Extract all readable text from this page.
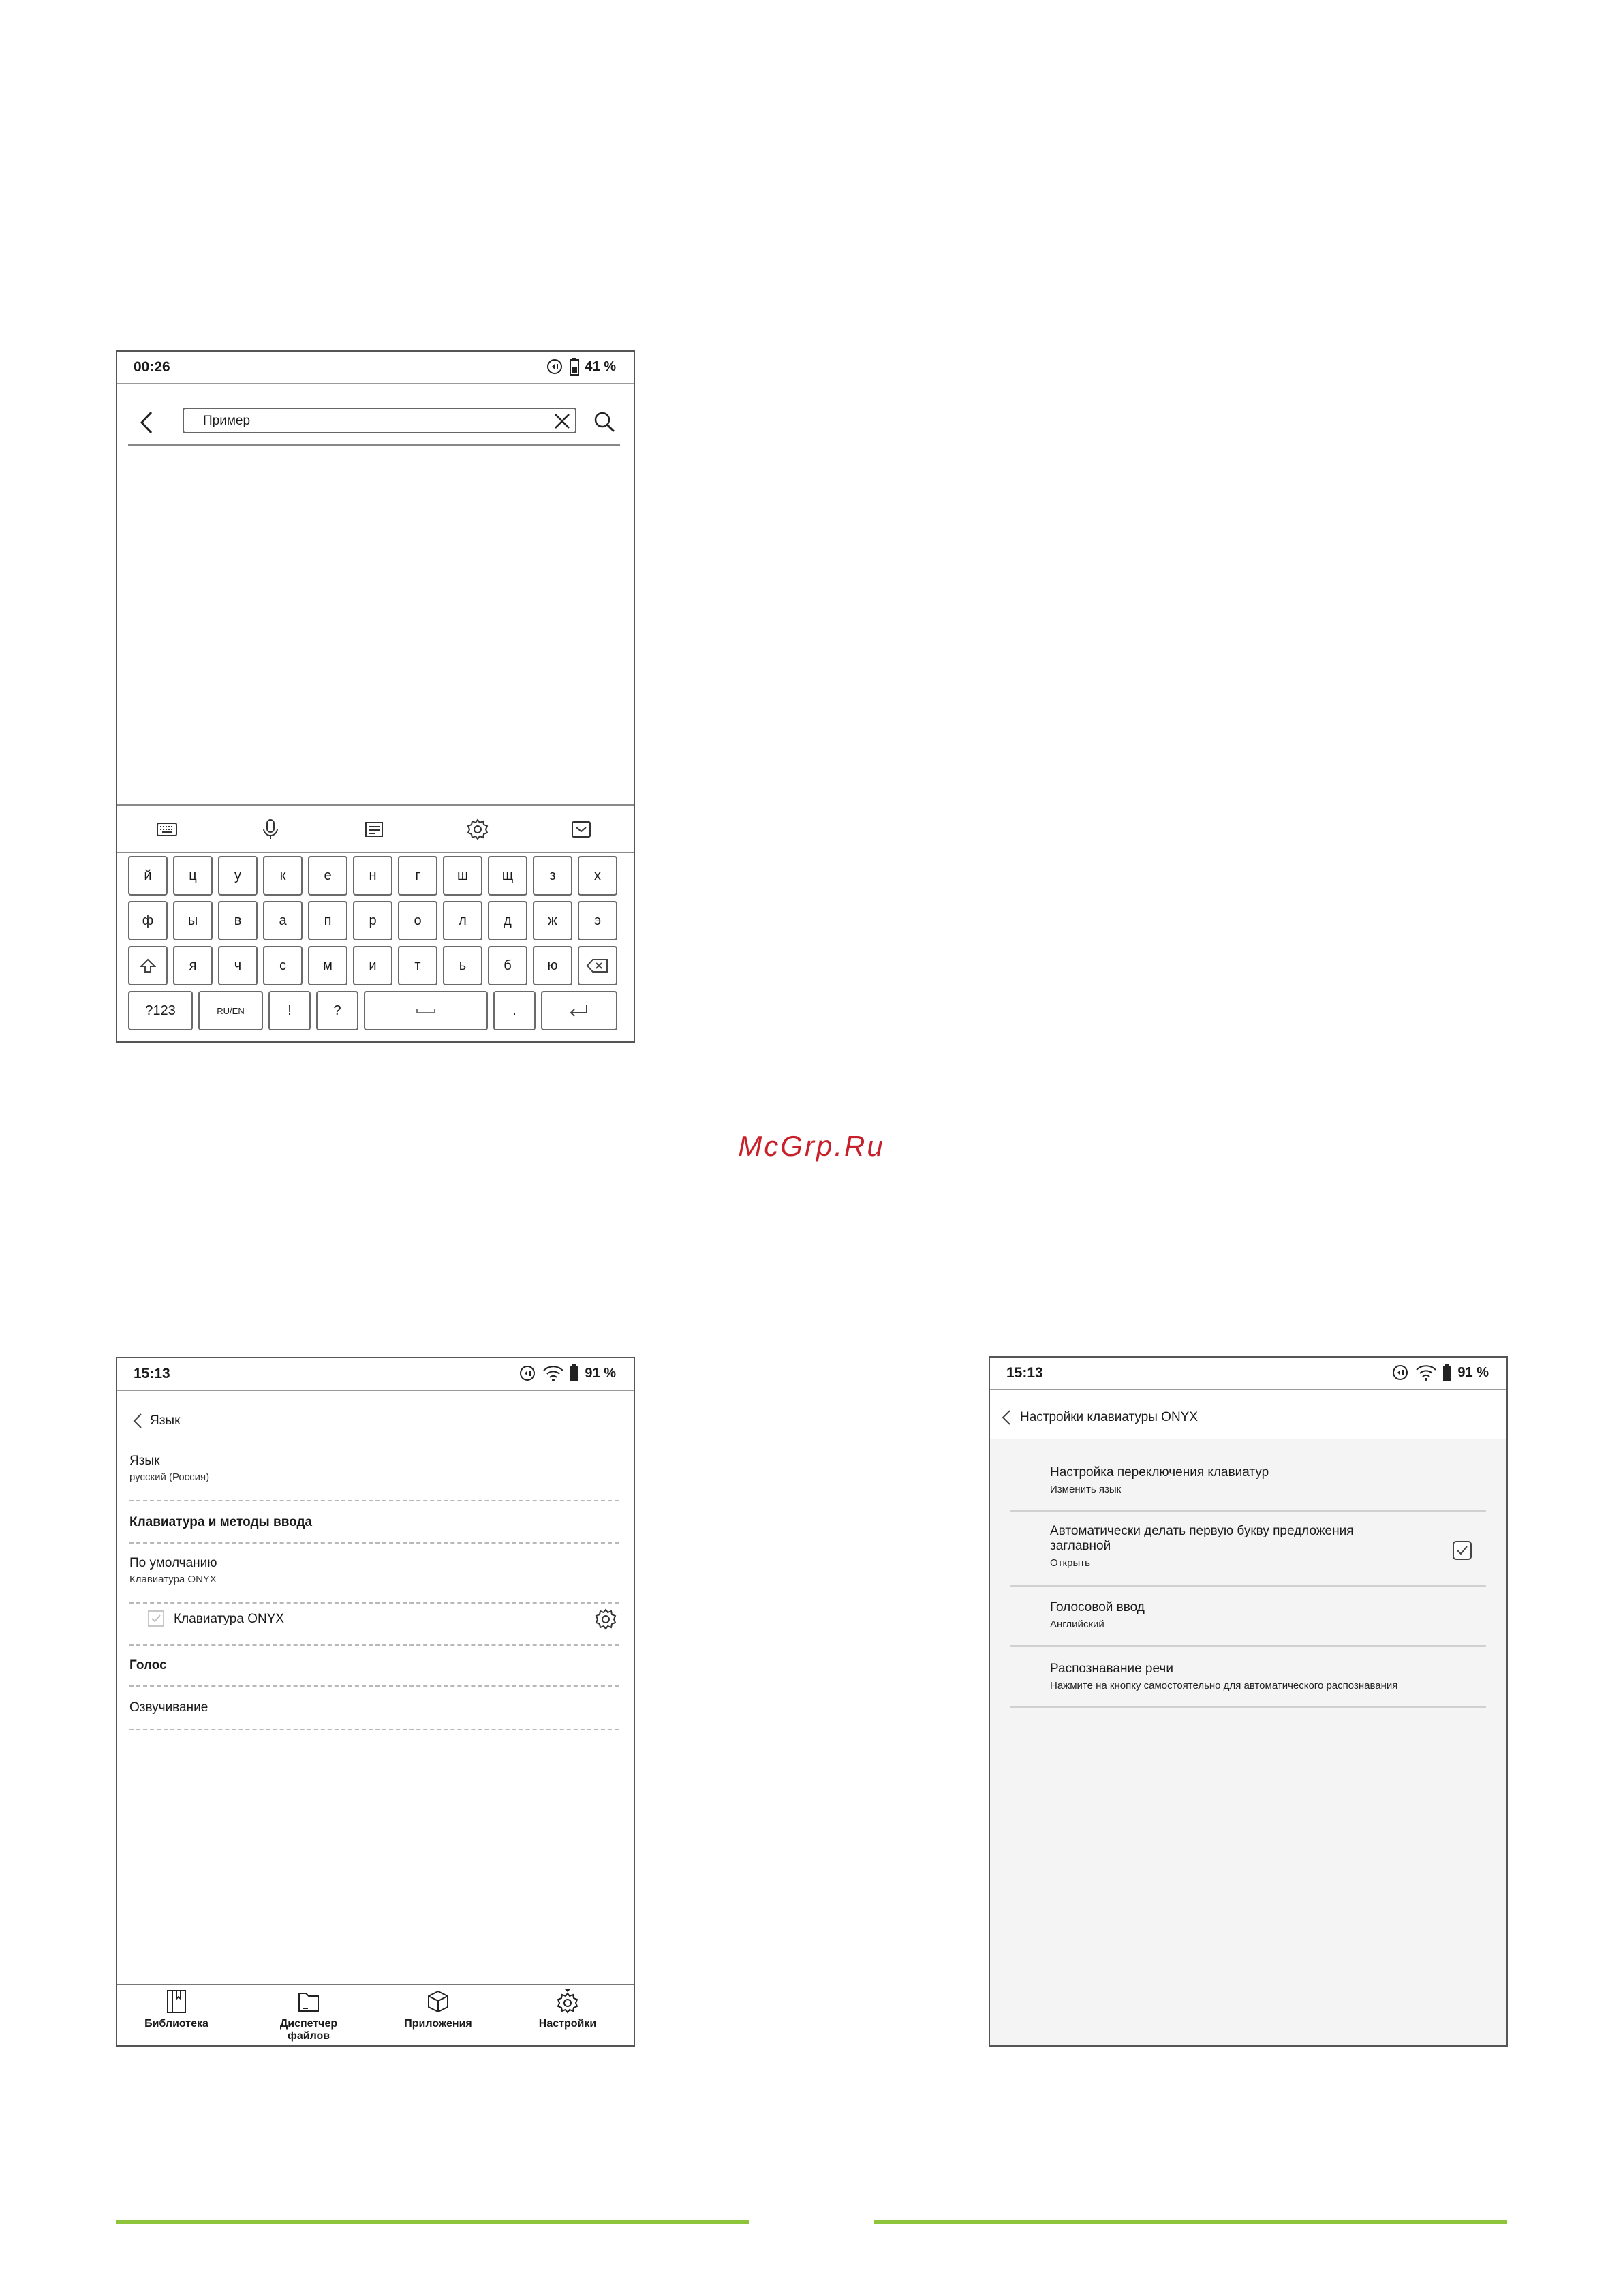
00:26	41 %
Пример
й	ц	у	к	е	н	г	ш	щ	з	х
ф	ы	в	а	п	р	о	л	д	ж	э
я	ч	с	м	и	т	ь	б	ю
?123	RU/EN	!	?	.
McGrp.Ru
15:13	91 %
Язык
Язык
русский (Россия)
Клавиатура и методы ввода
По умолчанию
Клавиатура ONYX
Клавиатура ONYX
Голос
Озвучивание
Библиотека	Диспетчер
файлов
Приложения	Настройки
15:13	91 %
Настройки клавиатуры ONYX
Настройка переключения клавиатур
Изменить язык
Автоматически делать первую букву предложения заглавной
Открыть
Голосовой ввод
Английский
Распознавание речи
Нажмите на кнопку самостоятельно для автоматического распознавания
